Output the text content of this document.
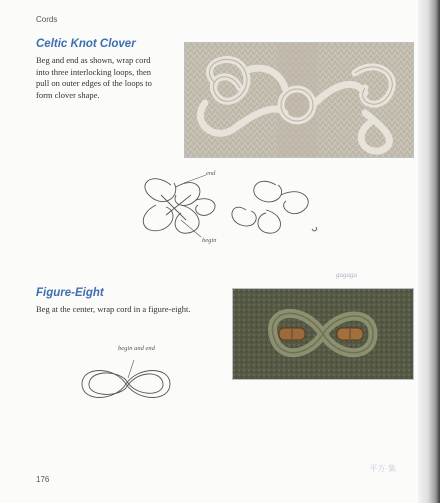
Cords
Celtic Knot Clover
Beg and end as shown, wrap cord
into three interlocking loops, then
pull on outer edges of the loops to
form clover shape.
end
begin
Figure-Eight
Beg at the center, wrap cord in a figure-eight.
begin and end
gagaga
176
平方·集
